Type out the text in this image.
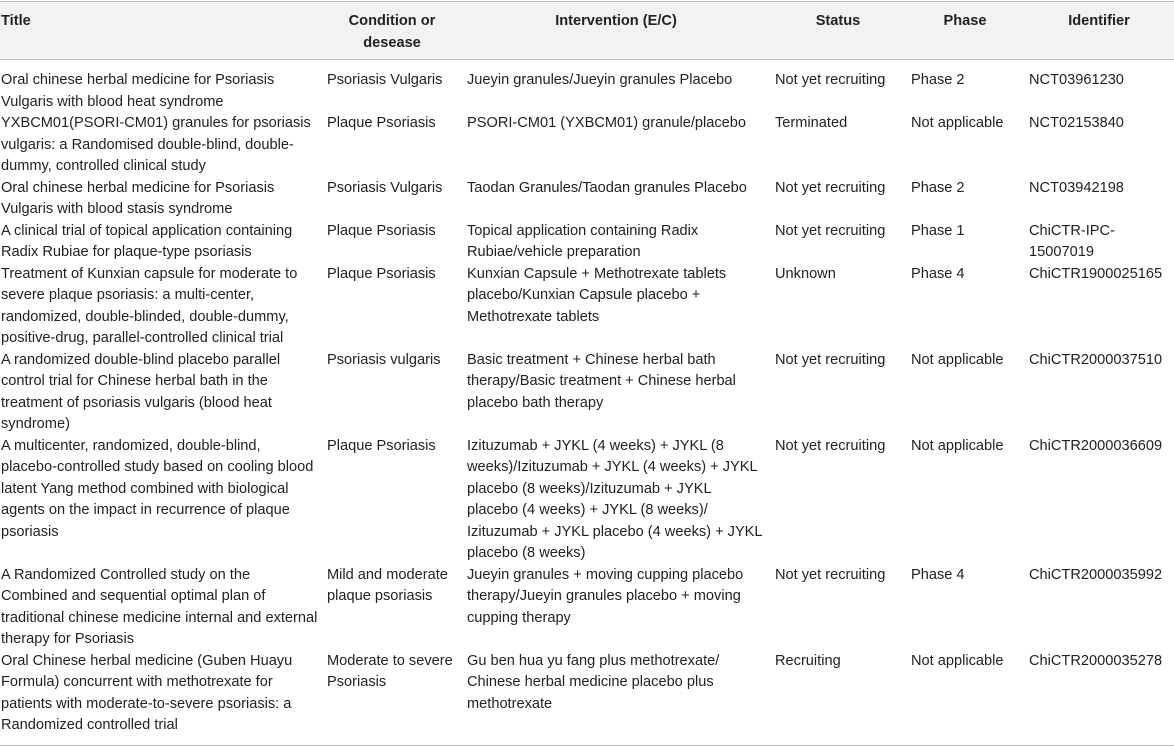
Title	Condition or desease	Intervention (E/C)	Status	Phase	Identifier
Oral chinese herbal medicine for Psoriasis Vulgaris with blood heat syndrome	Psoriasis Vulgaris	Jueyin granules/Jueyin granules Placebo	Not yet recruiting	Phase 2	NCT03961230
YXBCM01(PSORI-CM01) granules for psoriasis vulgaris: a Randomised double-blind, double-dummy, controlled clinical study	Plaque Psoriasis	PSORI-CM01 (YXBCM01) granule/placebo	Terminated	Not applicable	NCT02153840
Oral chinese herbal medicine for Psoriasis Vulgaris with blood stasis syndrome	Psoriasis Vulgaris	Taodan Granules/Taodan granules Placebo	Not yet recruiting	Phase 2	NCT03942198
A clinical trial of topical application containing Radix Rubiae for plaque-type psoriasis	Plaque Psoriasis	Topical application containing Radix Rubiae/vehicle preparation	Not yet recruiting	Phase 1	ChiCTR-IPC-15007019
Treatment of Kunxian capsule for moderate to severe plaque psoriasis: a multi-center, randomized, double-blinded, double-dummy, positive-drug, parallel-controlled clinical trial	Plaque Psoriasis	Kunxian Capsule + Methotrexate tablets placebo/Kunxian Capsule placebo + Methotrexate tablets	Unknown	Phase 4	ChiCTR1900025165
A randomized double-blind placebo parallel control trial for Chinese herbal bath in the treatment of psoriasis vulgaris (blood heat syndrome)	Psoriasis vulgaris	Basic treatment + Chinese herbal bath therapy/Basic treatment + Chinese herbal placebo bath therapy	Not yet recruiting	Not applicable	ChiCTR2000037510
A multicenter, randomized, double-blind, placebo-controlled study based on cooling blood latent Yang method combined with biological agents on the impact in recurrence of plaque psoriasis	Plaque Psoriasis	Izituzumab + JYKL (4 weeks) + JYKL (8 weeks)/Izituzumab + JYKL (4 weeks) + JYKL placebo (8 weeks)/Izituzumab + JYKL placebo (4 weeks) + JYKL (8 weeks)/ Izituzumab + JYKL placebo (4 weeks) + JYKL placebo (8 weeks)	Not yet recruiting	Not applicable	ChiCTR2000036609
A Randomized Controlled study on the Combined and sequential optimal plan of traditional chinese medicine internal and external therapy for Psoriasis	Mild and moderate plaque psoriasis	Jueyin granules + moving cupping placebo therapy/Jueyin granules placebo + moving cupping therapy	Not yet recruiting	Phase 4	ChiCTR2000035992
Oral Chinese herbal medicine (Guben Huayu Formula) concurrent with methotrexate for patients with moderate-to-severe psoriasis: a Randomized controlled trial	Moderate to severe Psoriasis	Gu ben hua yu fang plus methotrexate/ Chinese herbal medicine placebo plus methotrexate	Recruiting	Not applicable	ChiCTR2000035278
